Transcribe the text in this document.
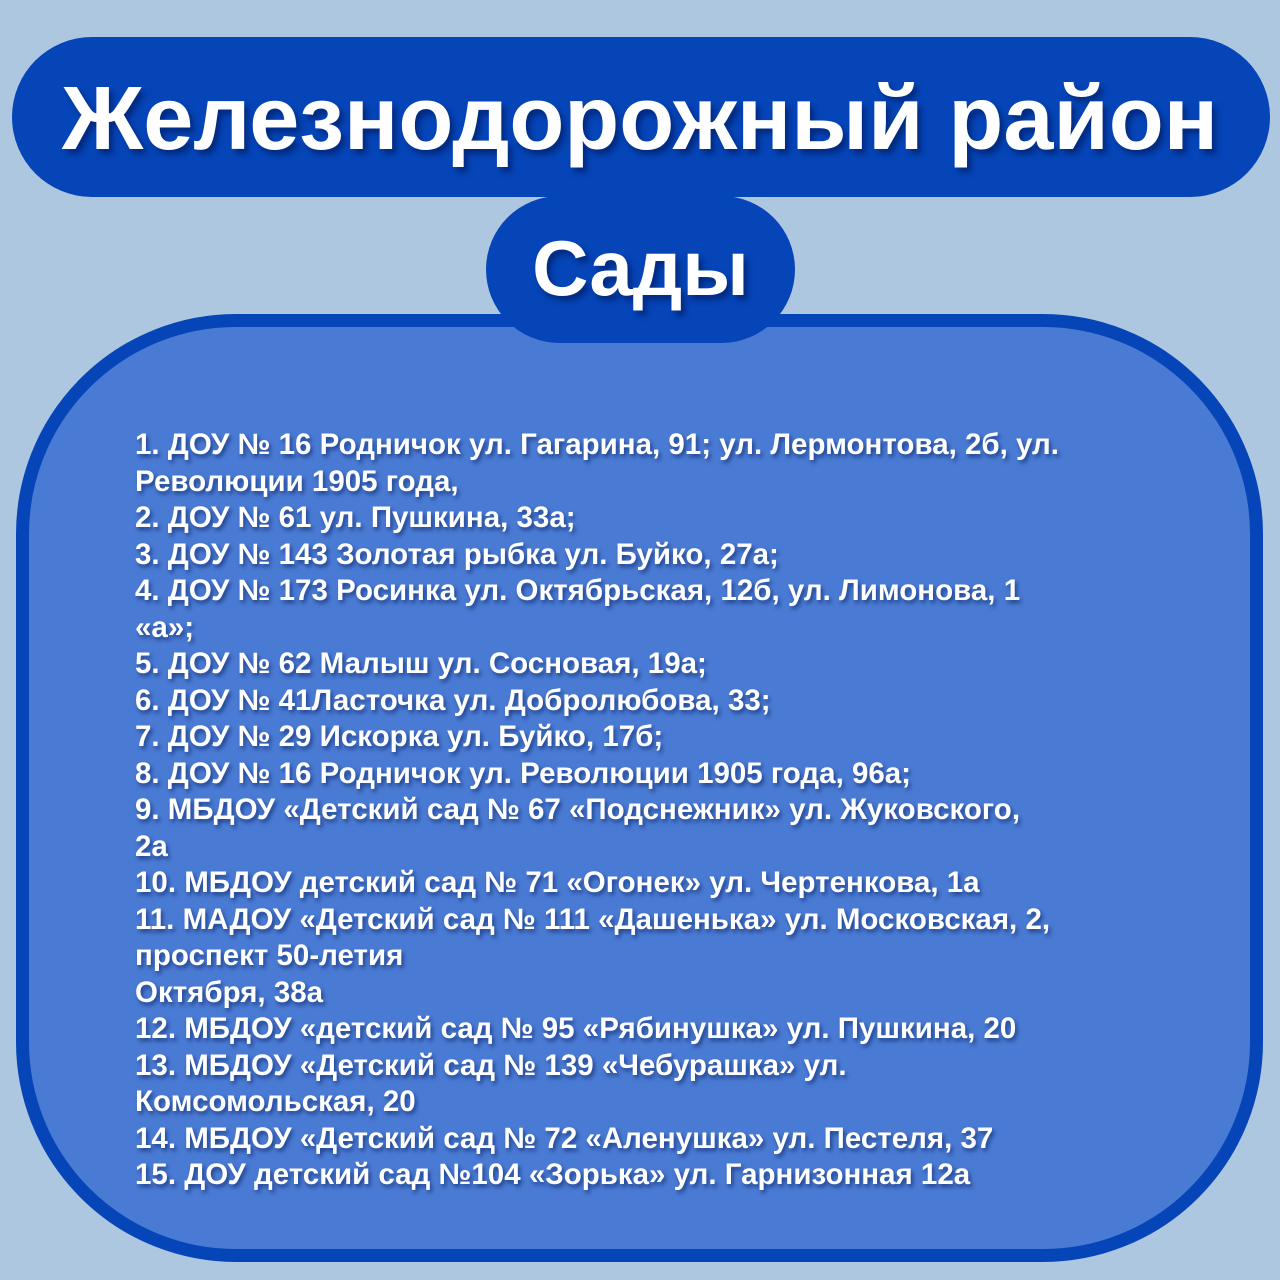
Железнодорожный район
Сады
1. ДОУ № 16 Родничок ул. Гагарина, 91; ул. Лермонтова, 2б, ул.
Революции 1905 года,
2. ДОУ № 61 ул. Пушкина, 33а;
3. ДОУ № 143 Золотая рыбка ул. Буйко, 27а;
4. ДОУ № 173 Росинка ул. Октябрьская, 12б, ул. Лимонова, 1
«а»;
5. ДОУ № 62 Малыш ул. Сосновая, 19а;
6. ДОУ № 41Ласточка ул. Добролюбова, 33;
7. ДОУ № 29 Искорка ул. Буйко, 17б;
8. ДОУ № 16 Родничок ул. Революции 1905 года, 96а;
9. МБДОУ «Детский сад № 67 «Подснежник» ул. Жуковского,
2а
10. МБДОУ детский сад № 71 «Огонек» ул. Чертенкова, 1а
11. МАДОУ «Детский сад № 111 «Дашенька» ул. Московская, 2,
проспект 50-летия
Октября, 38а
12. МБДОУ «детский сад № 95 «Рябинушка» ул. Пушкина, 20
13. МБДОУ «Детский сад № 139 «Чебурашка» ул.
Комсомольская, 20
14. МБДОУ «Детский сад № 72 «Аленушка» ул. Пестеля, 37
15. ДОУ детский сад №104 «Зорька» ул. Гарнизонная 12а
